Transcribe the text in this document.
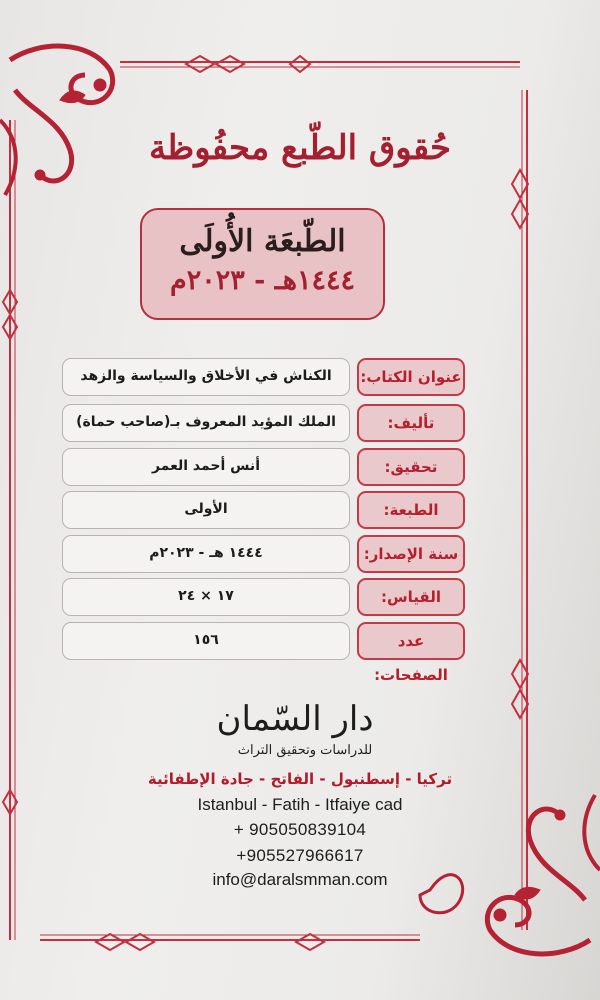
حُقوق الطّبع محفُوظة
الطّبعَة الأُولَى
١٤٤٤هـ - ٢٠٢٣م
عنوان الكتاب:
الكناش في الأخلاق والسياسة والزهد
تأليف:
الملك المؤيد المعروف بـ(صاحب حماة)
تحقيق:
أنس أحمد العمر
الطبعة:
الأولى
سنة الإصدار:
١٤٤٤ هـ - ٢٠٢٣م
القياس:
١٧ × ٢٤
عدد الصفحات:
١٥٦
دار السّمان
للدراسات وتحقيق التراث
تركيا - إسطنبول - الفاتح - جادة الإطفائية
Istanbul - Fatih - Itfaiye cad
+ 905050839104
+905527966617
info@daralsmman.com
